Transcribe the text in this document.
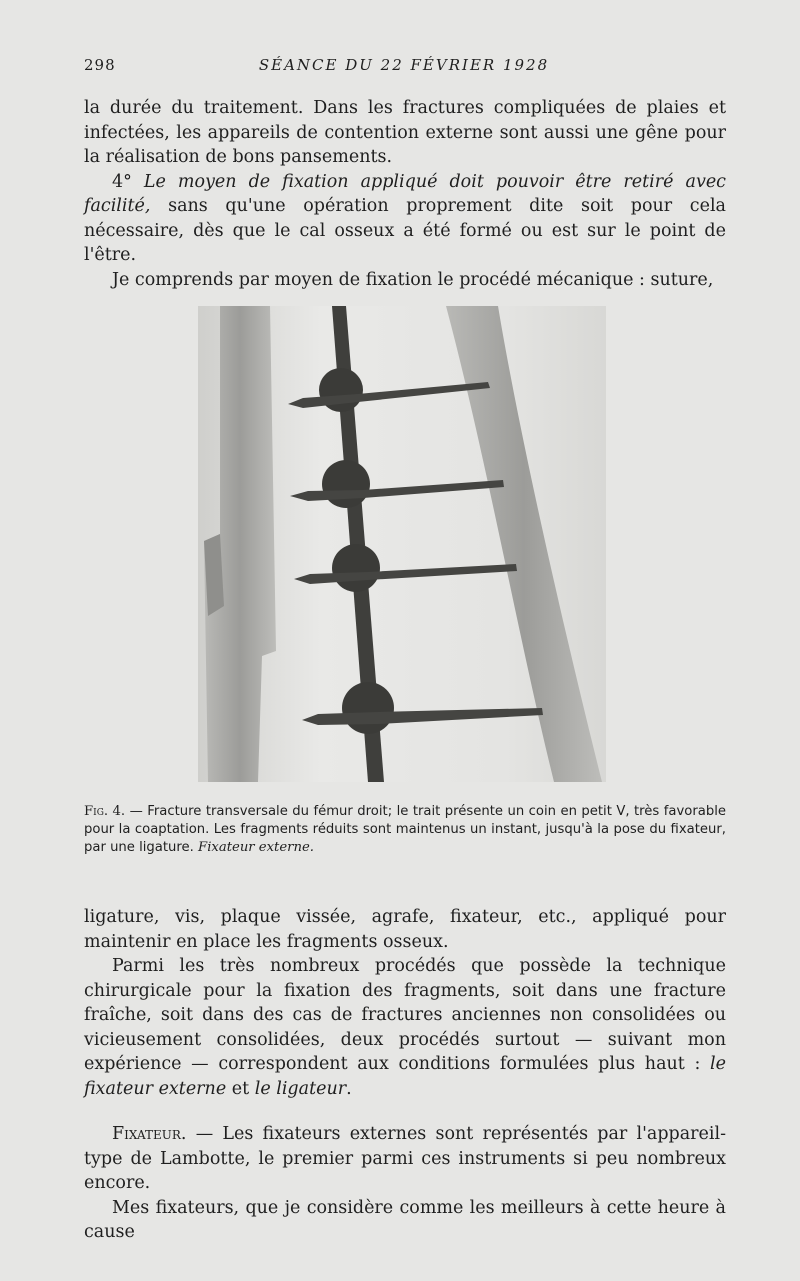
298	SÉANCE DU 22 FÉVRIER 1928

la durée du traitement. Dans les fractures compliquées de plaies et infectées, les appareils de contention externe sont aussi une gêne pour la réalisation de bons pansements.

4° Le moyen de fixation appliqué doit pouvoir être retiré avec facilité, sans qu'une opération proprement dite soit pour cela nécessaire, dès que le cal osseux a été formé ou est sur le point de l'être.

Je comprends par moyen de fixation le procédé mécanique : suture,

Fig. 4. — Fracture transversale du fémur droit; le trait présente un coin en petit V, très favorable pour la coaptation. Les fragments réduits sont maintenus un instant, jusqu'à la pose du fixateur, par une ligature. Fixateur externe.

ligature, vis, plaque vissée, agrafe, fixateur, etc., appliqué pour maintenir en place les fragments osseux.

Parmi les très nombreux procédés que possède la technique chirurgicale pour la fixation des fragments, soit dans une fracture fraîche, soit dans des cas de fractures anciennes non consolidées ou vicieusement consolidées, deux procédés surtout — suivant mon expérience — correspondent aux conditions formulées plus haut : le fixateur externe et le ligateur.

Fixateur. — Les fixateurs externes sont représentés par l'appareil-type de Lambotte, le premier parmi ces instruments si peu nombreux encore.

Mes fixateurs, que je considère comme les meilleurs à cette heure à cause
